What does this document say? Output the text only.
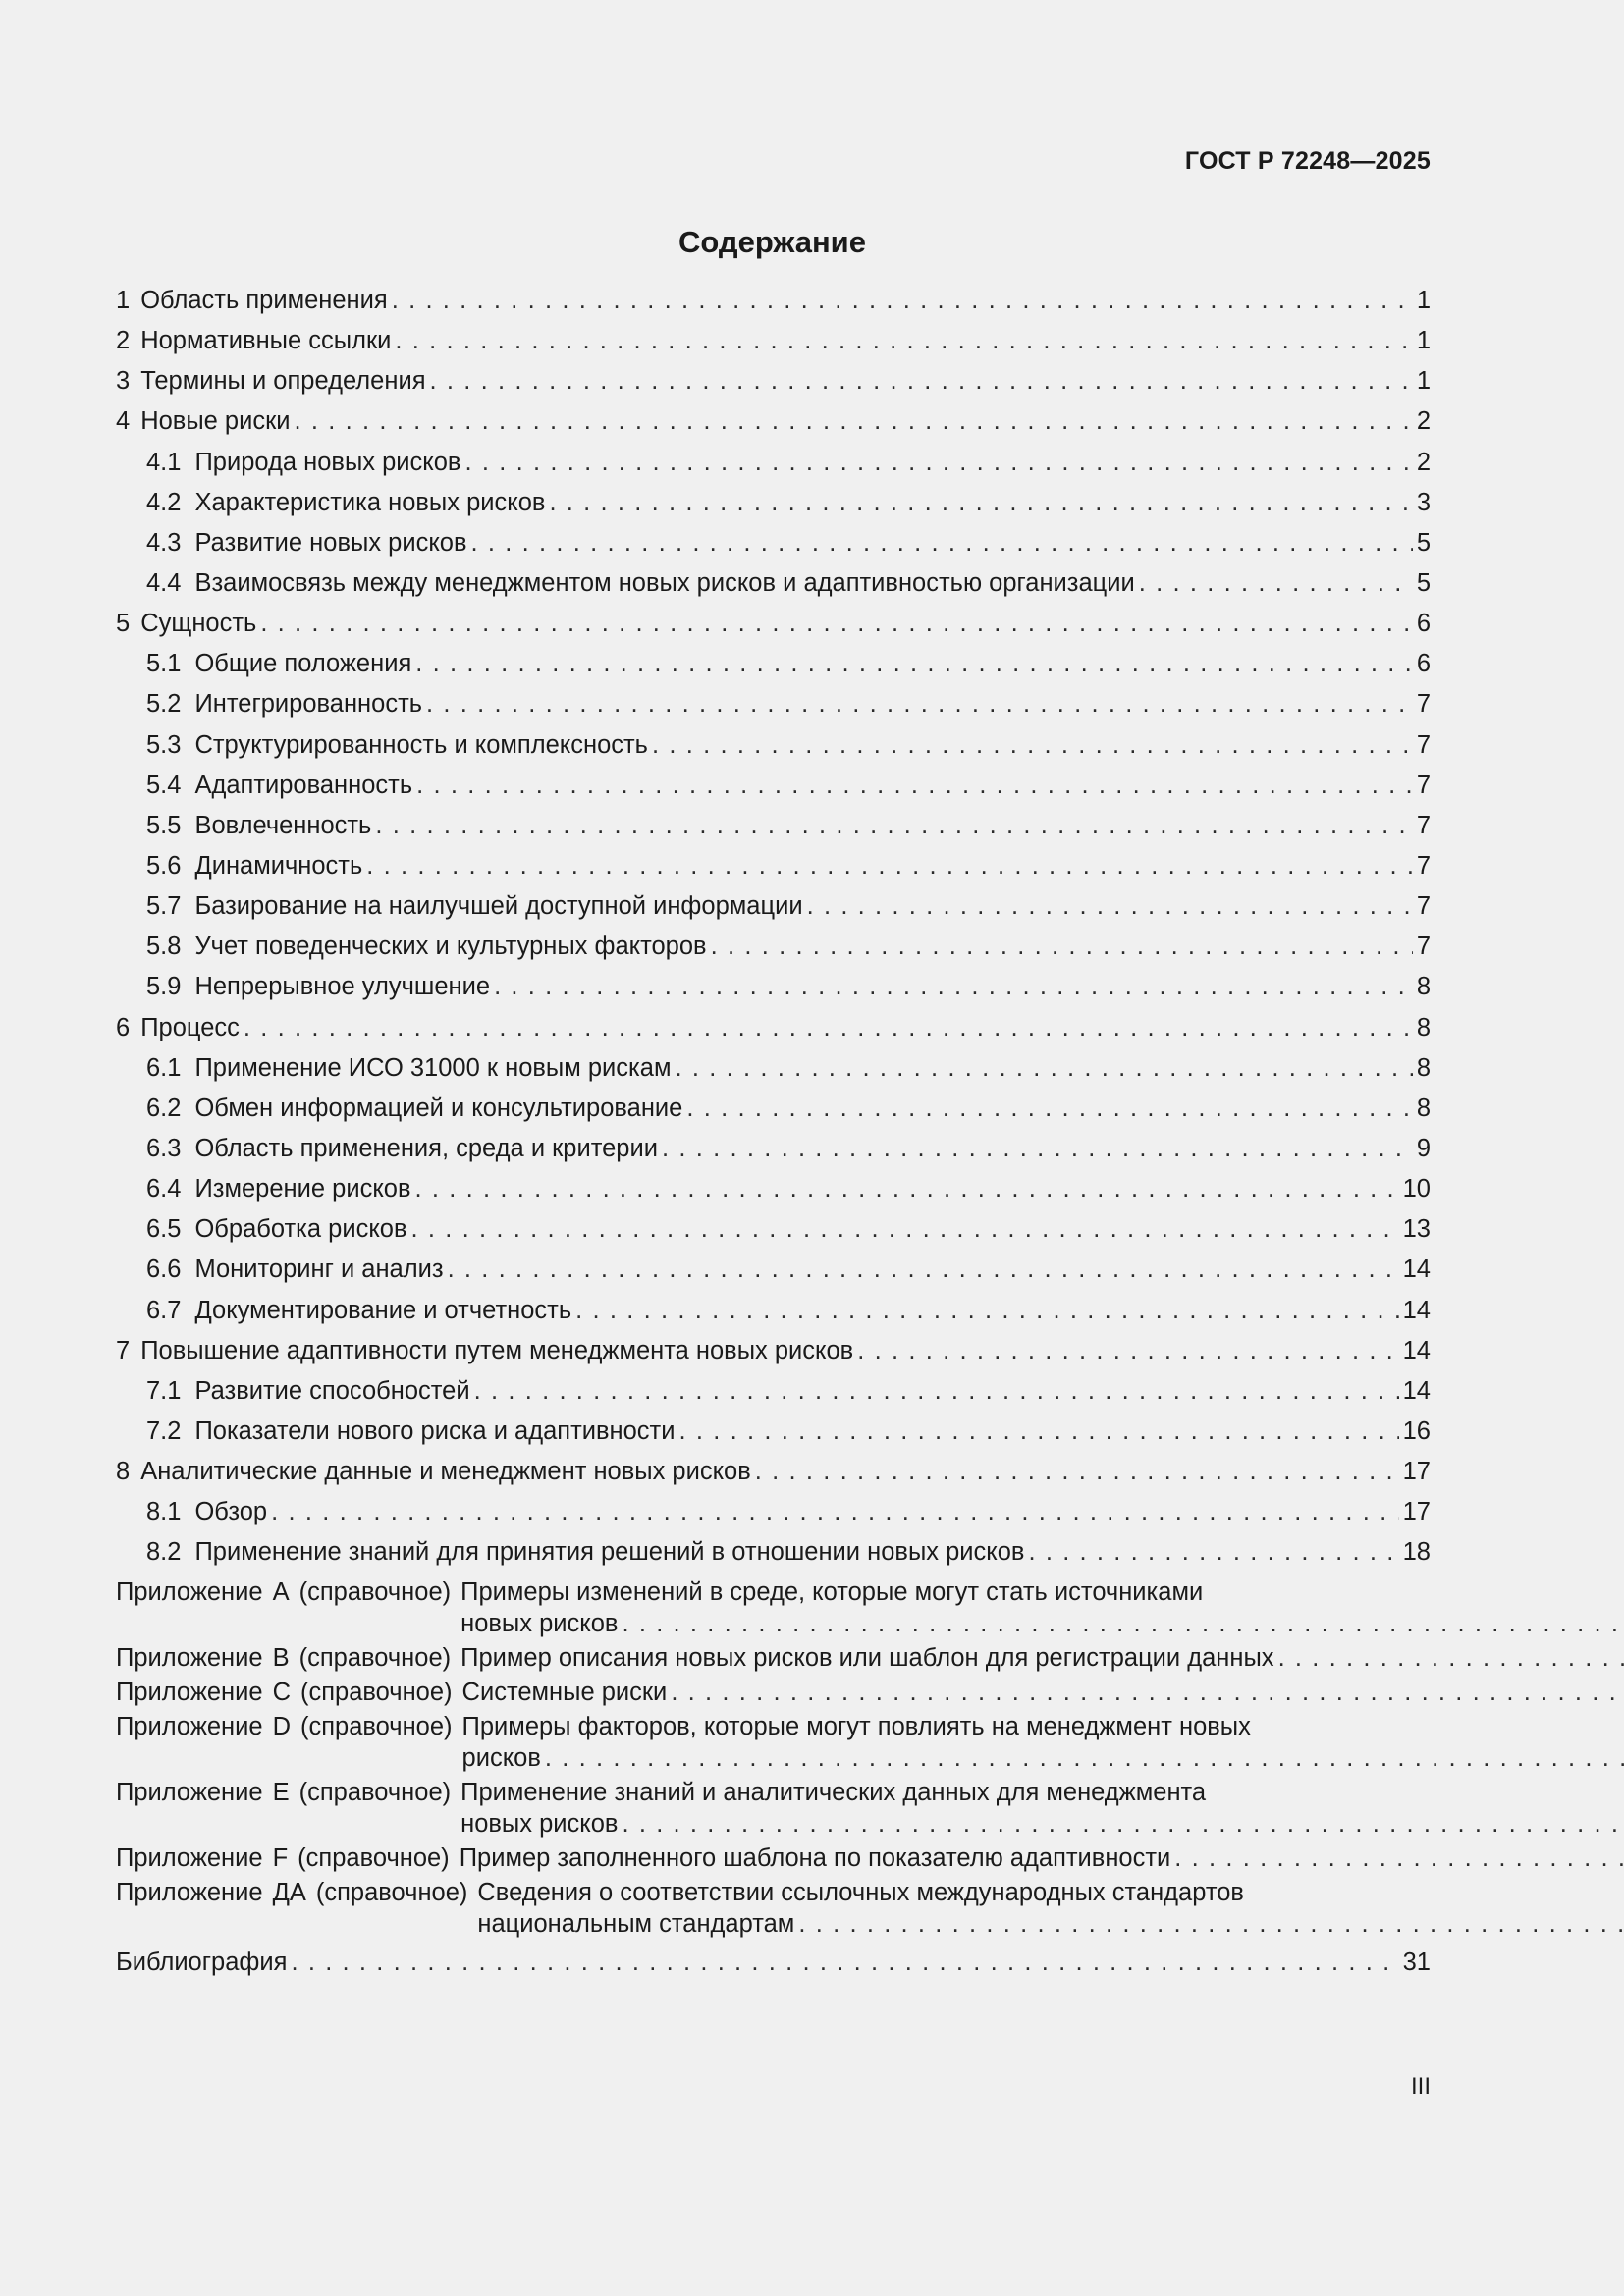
ГОСТ Р 72248—2025
Содержание
1 Область применения . . .	1
2 Нормативные ссылки . . .	1
3 Термины и определения . . .	1
4 Новые риски . . .	2
4.1 Природа новых рисков . . .	2
4.2 Характеристика новых рисков . . .	3
4.3 Развитие новых рисков . . .	5
4.4 Взаимосвязь между менеджментом новых рисков и адаптивностью организации . . .	5
5 Сущность . . .	6
5.1 Общие положения . . .	6
5.2 Интегрированность . . .	7
5.3 Структурированность и комплексность . . .	7
5.4 Адаптированность . . .	7
5.5 Вовлеченность . . .	7
5.6 Динамичность . . .	7
5.7 Базирование на наилучшей доступной информации . . .	7
5.8 Учет поведенческих и культурных факторов . . .	7
5.9 Непрерывное улучшение . . .	8
6 Процесс . . .	8
6.1 Применение ИСО 31000 к новым рискам . . .	8
6.2 Обмен информацией и консультирование . . .	8
6.3 Область применения, среда и критерии . . .	9
6.4 Измерение рисков . . .	10
6.5 Обработка рисков . . .	13
6.6 Мониторинг и анализ . . .	14
6.7 Документирование и отчетность . . .	14
7 Повышение адаптивности путем менеджмента новых рисков . . .	14
7.1 Развитие способностей . . .	14
7.2 Показатели нового риска и адаптивности . . .	16
8 Аналитические данные и менеджмент новых рисков . . .	17
8.1 Обзор . . .	17
8.2 Применение знаний для принятия решений в отношении новых рисков . . .	18
Приложение A (справочное) Примеры изменений в среде, которые могут стать источниками
новых рисков
. . .
Приложение B (справочное) Пример описания новых рисков или шаблон для регистрации данных
. . .
Приложение C (справочное) Системные риски
. . .
Приложение D (справочное) Примеры факторов, которые могут повлиять на менеджмент новых
рисков
. . .
Приложение E (справочное) Применение знаний и аналитических данных для менеджмента
новых рисков
. . .
Приложение F (справочное) Пример заполненного шаблона по показателю адаптивности
. . .
Приложение ДА (справочное) Сведения о соответствии ссылочных международных стандартов
национальным стандартам
. . .
Библиография . . .	31
III
